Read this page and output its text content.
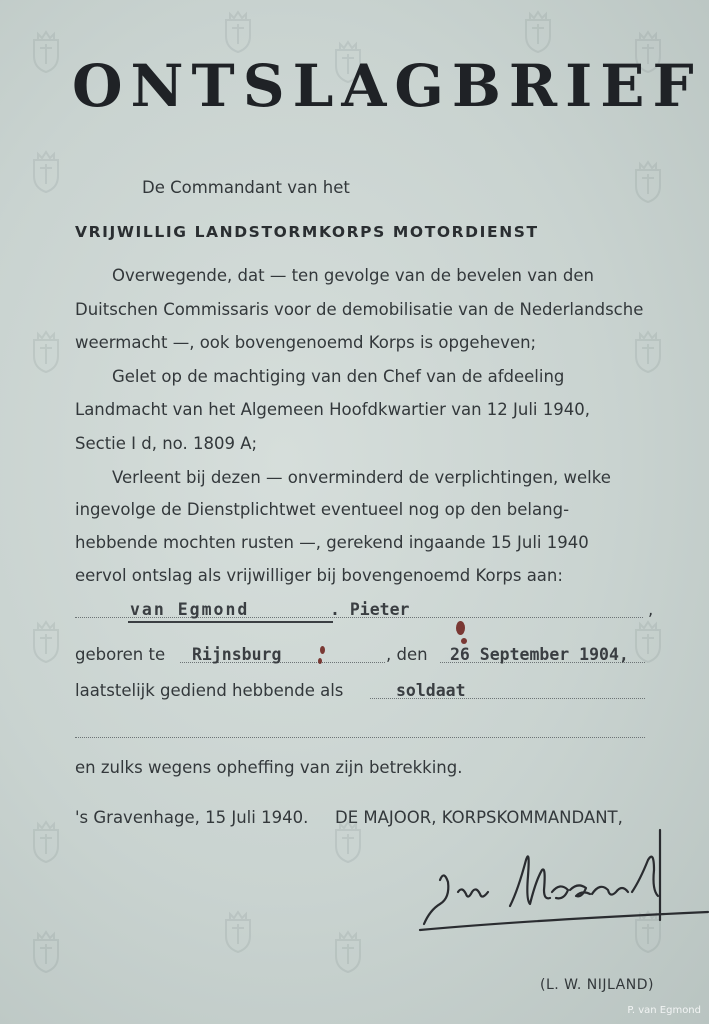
ONTSLAGBRIEF
De Commandant van het
VRIJWILLIG LANDSTORMKORPS MOTORDIENST
Overwegende, dat — ten gevolge van de bevelen van den
Duitschen Commissaris voor de demobilisatie van de Nederlandsche
weermacht —, ook bovengenoemd Korps is opgeheven;
Gelet op de machtiging van den Chef van de afdeeling
Landmacht van het Algemeen Hoofdkwartier van 12 Juli 1940,
Sectie I d, no. 1809 A;
Verleent bij dezen — onverminderd de verplichtingen, welke
ingevolge de Dienstplichtwet eventueel nog op den belang-
hebbende mochten rusten —, gerekend ingaande 15 Juli 1940
eervol ontslag als vrijwilliger bij bovengenoemd Korps aan:
van Egmond	. Pieter	,
geboren te Rijnsburg	, den 26 September 1904,
laatstelijk gediend hebbende als	soldaat
en zulks wegens opheffing van zijn betrekking.
's Gravenhage, 15 Juli 1940. DE MAJOOR, KORPSKOMMANDANT,
(L. W. NIJLAND)
P. van Egmond
